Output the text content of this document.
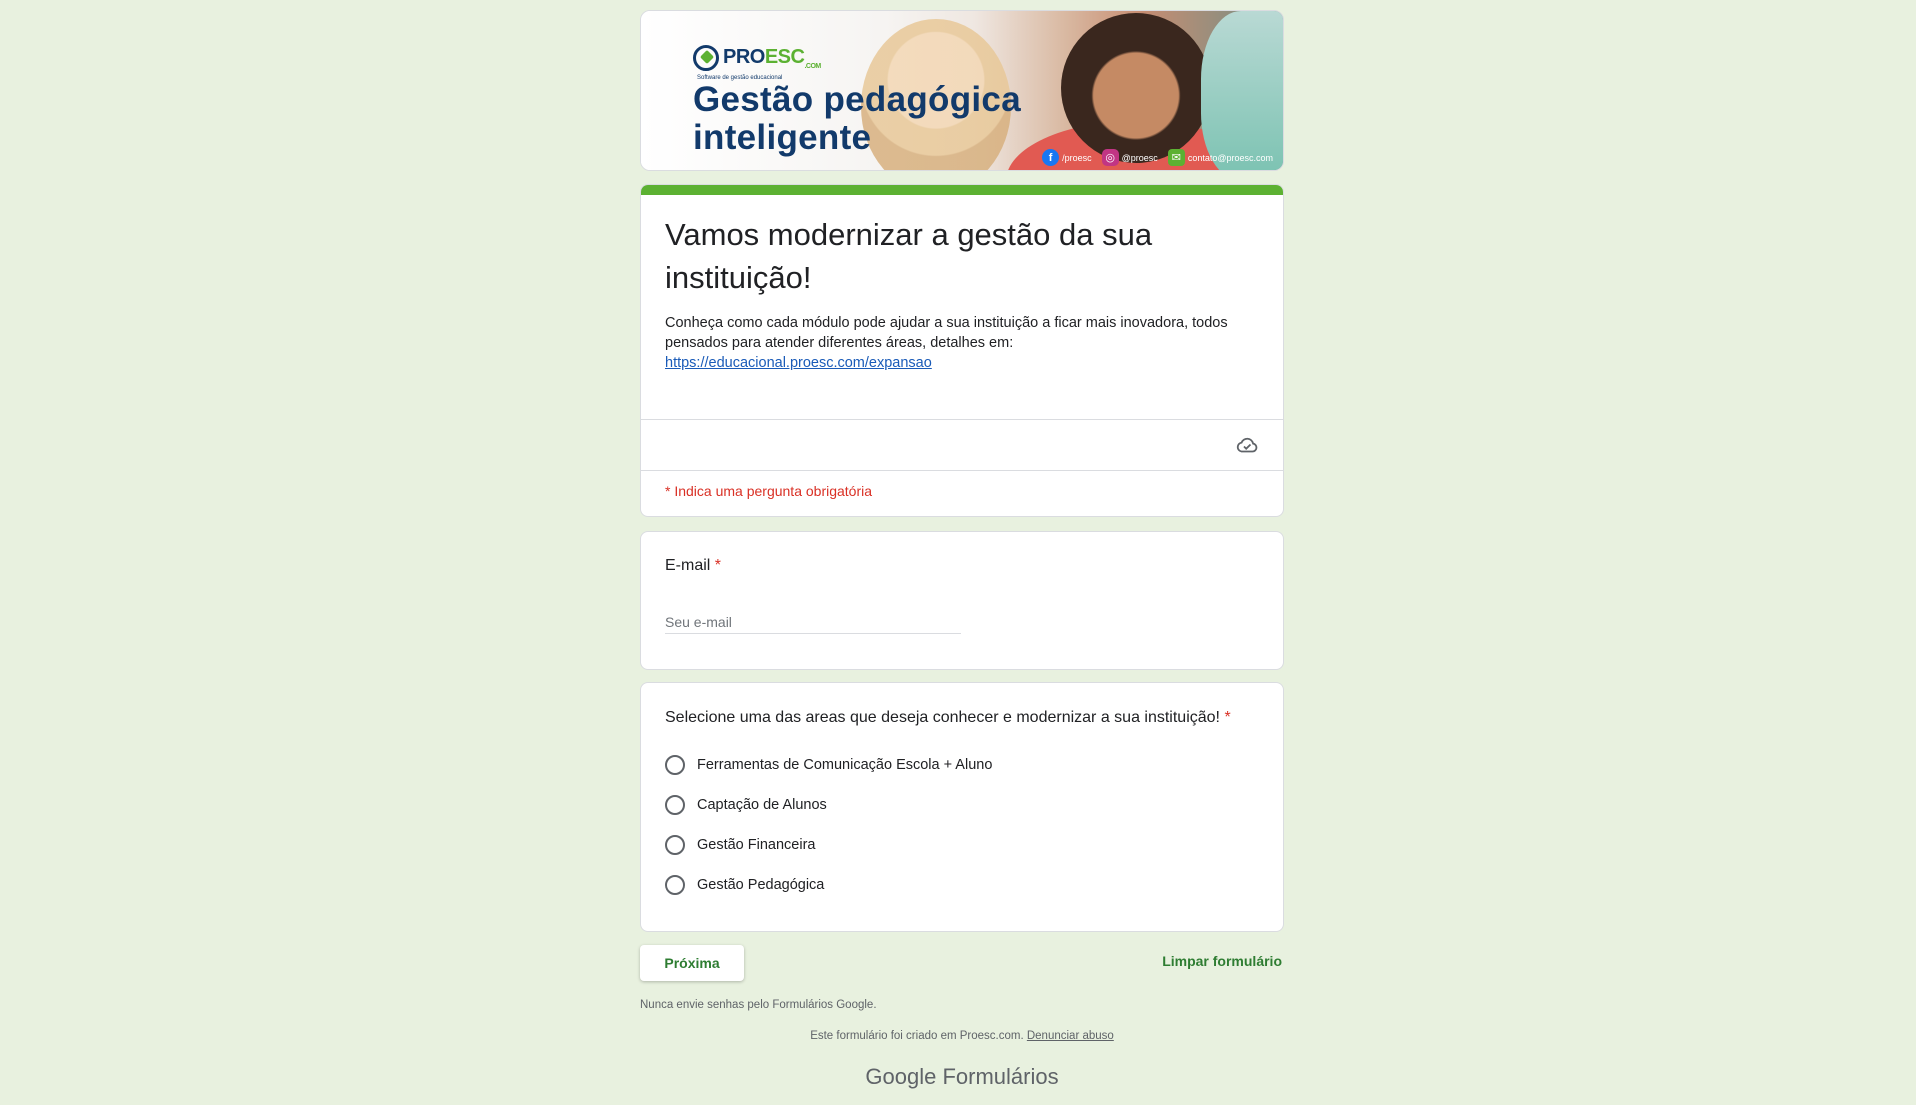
$PROESC_{.COM}$
Software de gestão educacional
Gestão pedagógica
inteligente
f	/proesc	◎ @proesc	✉ contato@proesc.com
Vamos modernizar a gestão da sua instituição!
Conheça como cada módulo pode ajudar a sua instituição a ficar mais inovadora, todos pensados para atender diferentes áreas, detalhes em:
https://educacional.proesc.com/expansao
* Indica uma pergunta obrigatória
E-mail *
Seu e-mail
Selecione uma das areas que deseja conhecer e modernizar a sua instituição! *
Ferramentas de Comunicação Escola + Aluno
Captação de Alunos
Gestão Financeira
Gestão Pedagógica
Próxima	Limpar formulário
Nunca envie senhas pelo Formulários Google.
Este formulário foi criado em Proesc.com. Denunciar abuso
Google Formulários
